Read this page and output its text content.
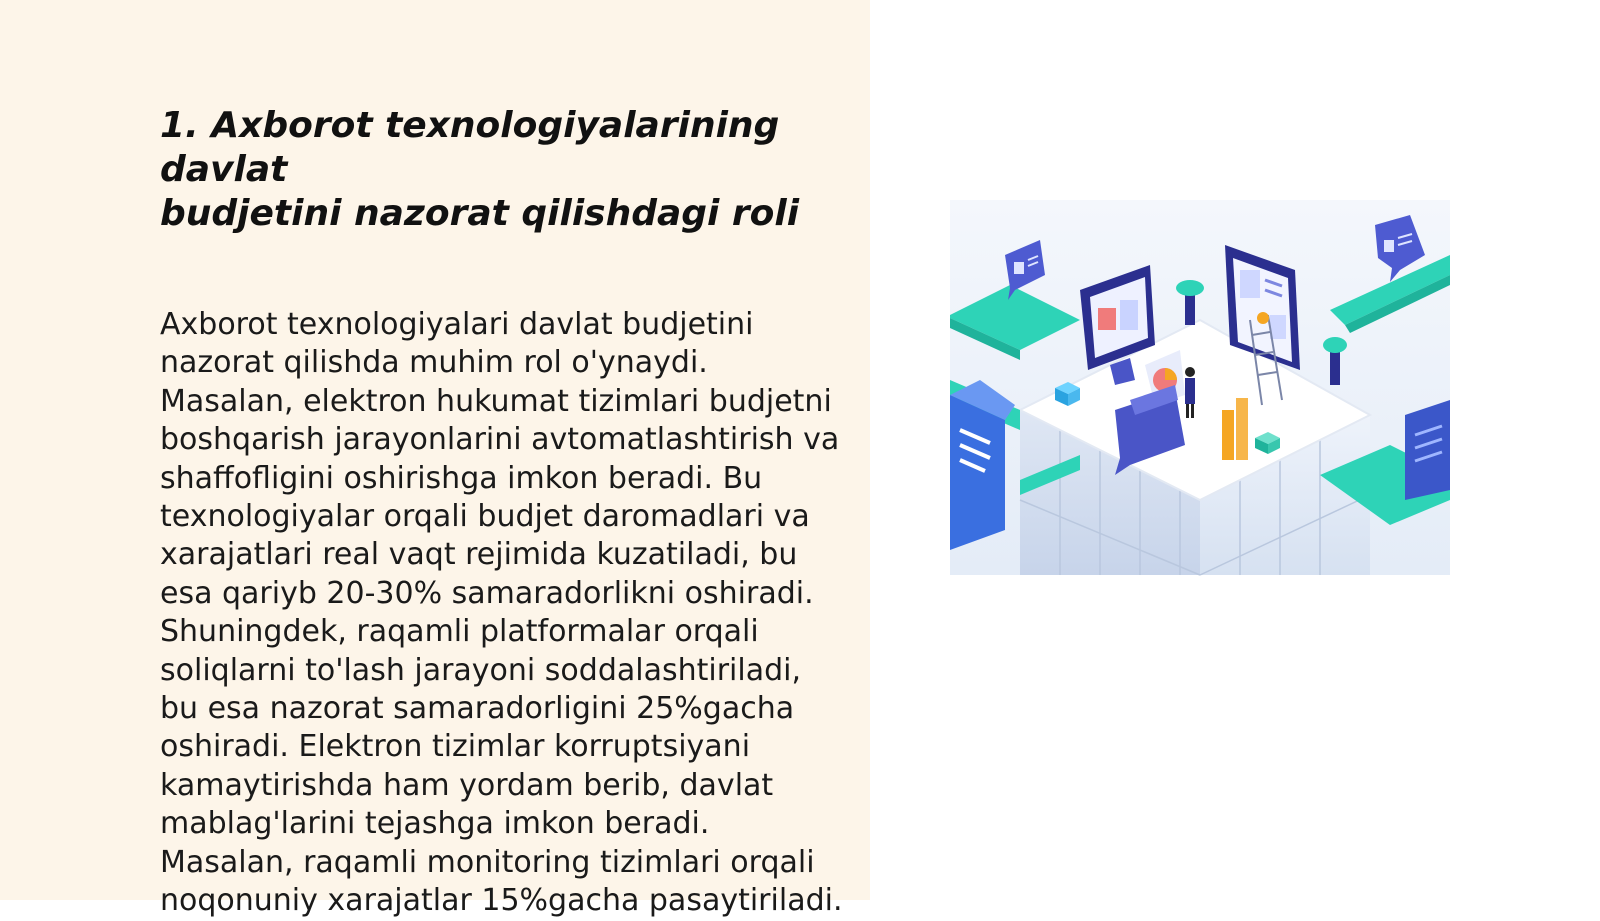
1. Axborot texnologiyalarining davlat
budjetini nazorat qilishdagi roli

Axborot texnologiyalari davlat budjetini
nazorat qilishda muhim rol o'ynaydi.
Masalan, elektron hukumat tizimlari budjetni
boshqarish jarayonlarini avtomatlashtirish va
shaffofligini oshirishga imkon beradi. Bu
texnologiyalar orqali budjet daromadlari va
xarajatlari real vaqt rejimida kuzatiladi, bu
esa qariyb 20-30% samaradorlikni oshiradi.
Shuningdek, raqamli platformalar orqali
soliqlarni to'lash jarayoni soddalashtiriladi,
bu esa nazorat samaradorligini 25%gacha
oshiradi. Elektron tizimlar korruptsiyani
kamaytirishda ham yordam berib, davlat
mablag'larini tejashga imkon beradi.
Masalan, raqamli monitoring tizimlari orqali
noqonuniy xarajatlar 15%gacha pasaytiriladi.
